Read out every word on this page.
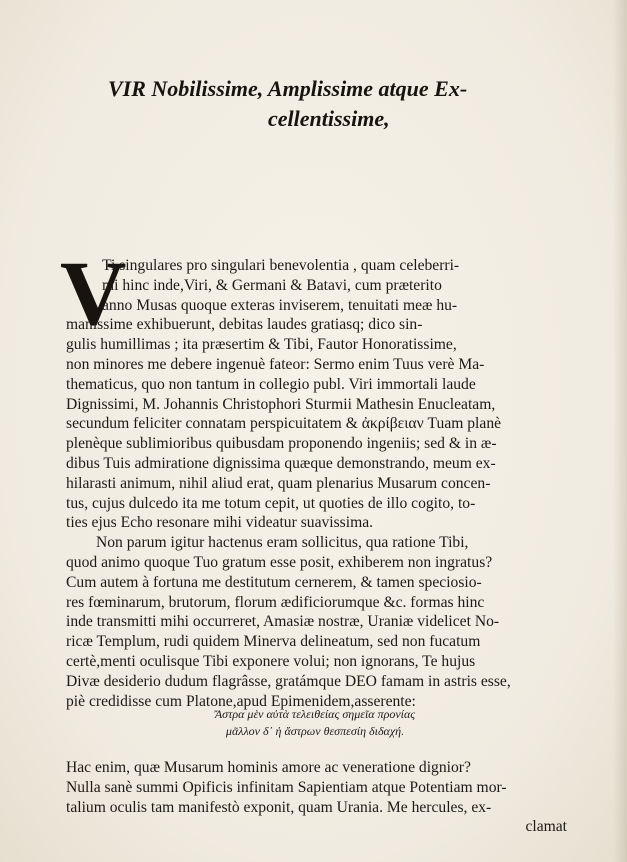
VIR Nobilissime, Amplissime atque Ex-
cellentissime,
V
Ti singulares pro singulari benevolentia , quam celeberri-
mi hinc inde,Viri, & Germani & Batavi, cum præterito
anno Musas quoque exteras inviserem, tenuitati meæ hu-
manissime exhibuerunt, debitas laudes gratiasq; dico sin-
gulis humillimas ; ita præsertim & Tibi, Fautor Honoratissime,
non minores me debere ingenuè fateor: Sermo enim Tuus verè Ma-
thematicus, quo non tantum in collegio publ. Viri immortali laude
Dignissimi, M. Johannis Christophori Sturmii Mathesin Enucleatam,
secundum feliciter connatam perspicuitatem & ἀκρίβειαν Tuam planè
plenèque sublimioribus quibusdam proponendo ingeniis; sed & in æ-
dibus Tuis admiratione dignissima quæque demonstrando, meum ex-
hilarasti animum, nihil aliud erat, quam plenarius Musarum concen-
tus, cujus dulcedo ita me totum cepit, ut quoties de illo cogito, to-
ties ejus Echo resonare mihi videatur suavissima.
Non parum igitur hactenus eram sollicitus, qua ratione Tibi,
quod animo quoque Tuo gratum esse posit, exhiberem non ingratus?
Cum autem à fortuna me destitutum cernerem, & tamen speciosio-
res fœminarum, brutorum, florum ædificiorumque &c. formas hinc
inde transmitti mihi occurreret, Amasiæ nostræ, Uraniæ videlicet No-
ricæ Templum, rudi quidem Minerva delineatum, sed non fucatum
certè,menti oculisque Tibi exponere volui; non ignorans, Te hujus
Divæ desiderio dudum flagrâsse, gratámque DEO famam in astris esse,
piè credidisse cum Platone,apud Epimenidem,asserente:
Ἄστρα μὲν αὐτὰ τελειθείας σημεῖα προνίας
μᾶλλον δ᾽ ἡ ἄστρων θεσπεσίη διδαχή.
Hac enim, quæ Musarum hominis amore ac veneratione dignior?
Nulla sanè summi Opificis infinitam Sapientiam atque Potentiam mor-
talium oculis tam manifestò exponit, quam Urania. Me hercules, ex-
clamat
